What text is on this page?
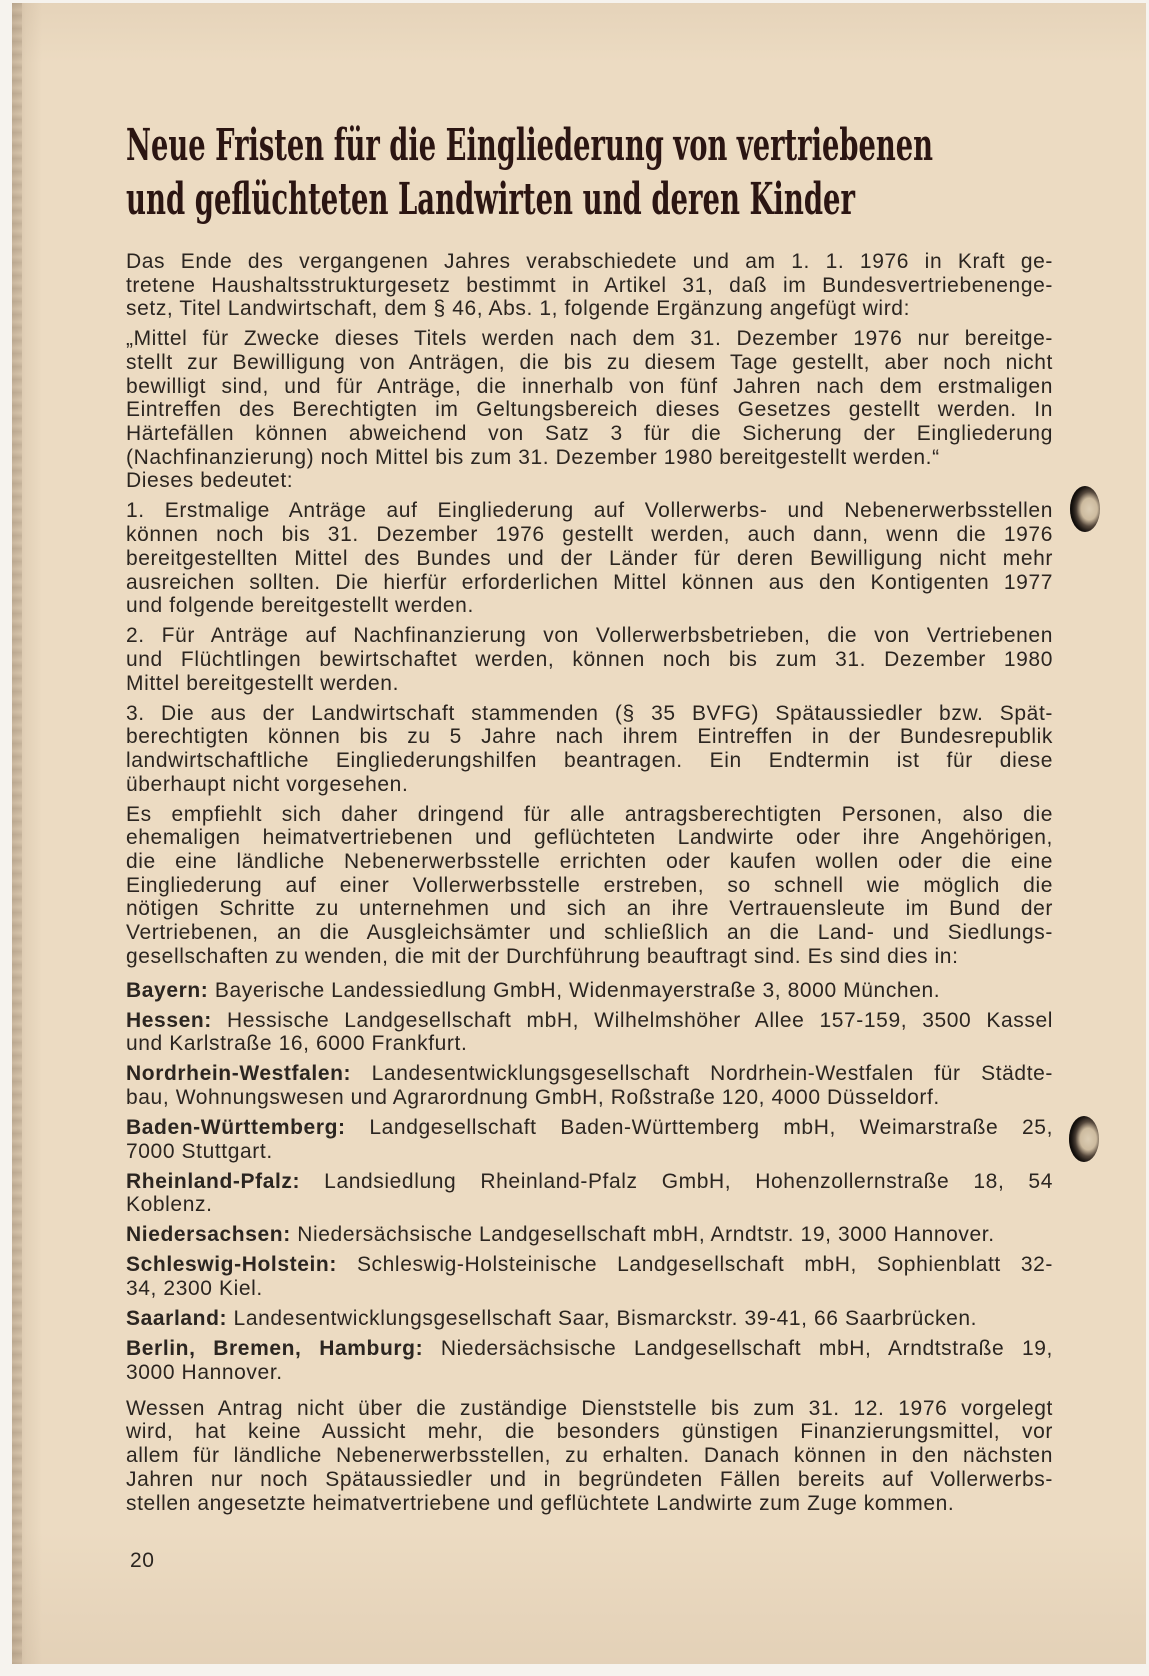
Neue Fristen für die Eingliederung von vertriebenen
und geflüchteten Landwirten und deren Kinder
Das Ende des vergangenen Jahres verabschiedete und am 1. 1. 1976 in Kraft ge-
tretene Haushaltsstrukturgesetz bestimmt in Artikel 31, daß im Bundesvertriebenenge-
setz, Titel Landwirtschaft, dem § 46, Abs. 1, folgende Ergänzung angefügt wird:
„Mittel für Zwecke dieses Titels werden nach dem 31. Dezember 1976 nur bereitge-
stellt zur Bewilligung von Anträgen, die bis zu diesem Tage gestellt, aber noch nicht
bewilligt sind, und für Anträge, die innerhalb von fünf Jahren nach dem erstmaligen
Eintreffen des Berechtigten im Geltungsbereich dieses Gesetzes gestellt werden. In
Härtefällen können abweichend von Satz 3 für die Sicherung der Eingliederung
(Nachfinanzierung) noch Mittel bis zum 31. Dezember 1980 bereitgestellt werden.“
Dieses bedeutet:
1. Erstmalige Anträge auf Eingliederung auf Vollerwerbs- und Nebenerwerbsstellen
können noch bis 31. Dezember 1976 gestellt werden, auch dann, wenn die 1976
bereitgestellten Mittel des Bundes und der Länder für deren Bewilligung nicht mehr
ausreichen sollten. Die hierfür erforderlichen Mittel können aus den Kontigenten 1977
und folgende bereitgestellt werden.
2. Für Anträge auf Nachfinanzierung von Vollerwerbsbetrieben, die von Vertriebenen
und Flüchtlingen bewirtschaftet werden, können noch bis zum 31. Dezember 1980
Mittel bereitgestellt werden.
3. Die aus der Landwirtschaft stammenden (§ 35 BVFG) Spätaussiedler bzw. Spät-
berechtigten können bis zu 5 Jahre nach ihrem Eintreffen in der Bundesrepublik
landwirtschaftliche Eingliederungshilfen beantragen. Ein Endtermin ist für diese
überhaupt nicht vorgesehen.
Es empfiehlt sich daher dringend für alle antragsberechtigten Personen, also die
ehemaligen heimatvertriebenen und geflüchteten Landwirte oder ihre Angehörigen,
die eine ländliche Nebenerwerbsstelle errichten oder kaufen wollen oder die eine
Eingliederung auf einer Vollerwerbsstelle erstreben, so schnell wie möglich die
nötigen Schritte zu unternehmen und sich an ihre Vertrauensleute im Bund der
Vertriebenen, an die Ausgleichsämter und schließlich an die Land- und Siedlungs-
gesellschaften zu wenden, die mit der Durchführung beauftragt sind. Es sind dies in:
Bayern: Bayerische Landessiedlung GmbH, Widenmayerstraße 3, 8000 München.
Hessen: Hessische Landgesellschaft mbH, Wilhelmshöher Allee 157-159, 3500 Kassel
und Karlstraße 16, 6000 Frankfurt.
Nordrhein-Westfalen: Landesentwicklungsgesellschaft Nordrhein-Westfalen für Städte-
bau, Wohnungswesen und Agrarordnung GmbH, Roßstraße 120, 4000 Düsseldorf.
Baden-Württemberg: Landgesellschaft Baden-Württemberg mbH, Weimarstraße 25,
7000 Stuttgart.
Rheinland-Pfalz: Landsiedlung Rheinland-Pfalz GmbH, Hohenzollernstraße 18, 54
Koblenz.
Niedersachsen: Niedersächsische Landgesellschaft mbH, Arndtstr. 19, 3000 Hannover.
Schleswig-Holstein: Schleswig-Holsteinische Landgesellschaft mbH, Sophienblatt 32-
34, 2300 Kiel.
Saarland: Landesentwicklungsgesellschaft Saar, Bismarckstr. 39-41, 66 Saarbrücken.
Berlin, Bremen, Hamburg: Niedersächsische Landgesellschaft mbH, Arndtstraße 19,
3000 Hannover.
Wessen Antrag nicht über die zuständige Dienststelle bis zum 31. 12. 1976 vorgelegt
wird, hat keine Aussicht mehr, die besonders günstigen Finanzierungsmittel, vor
allem für ländliche Nebenerwerbsstellen, zu erhalten. Danach können in den nächsten
Jahren nur noch Spätaussiedler und in begründeten Fällen bereits auf Vollerwerbs-
stellen angesetzte heimatvertriebene und geflüchtete Landwirte zum Zuge kommen.
20
